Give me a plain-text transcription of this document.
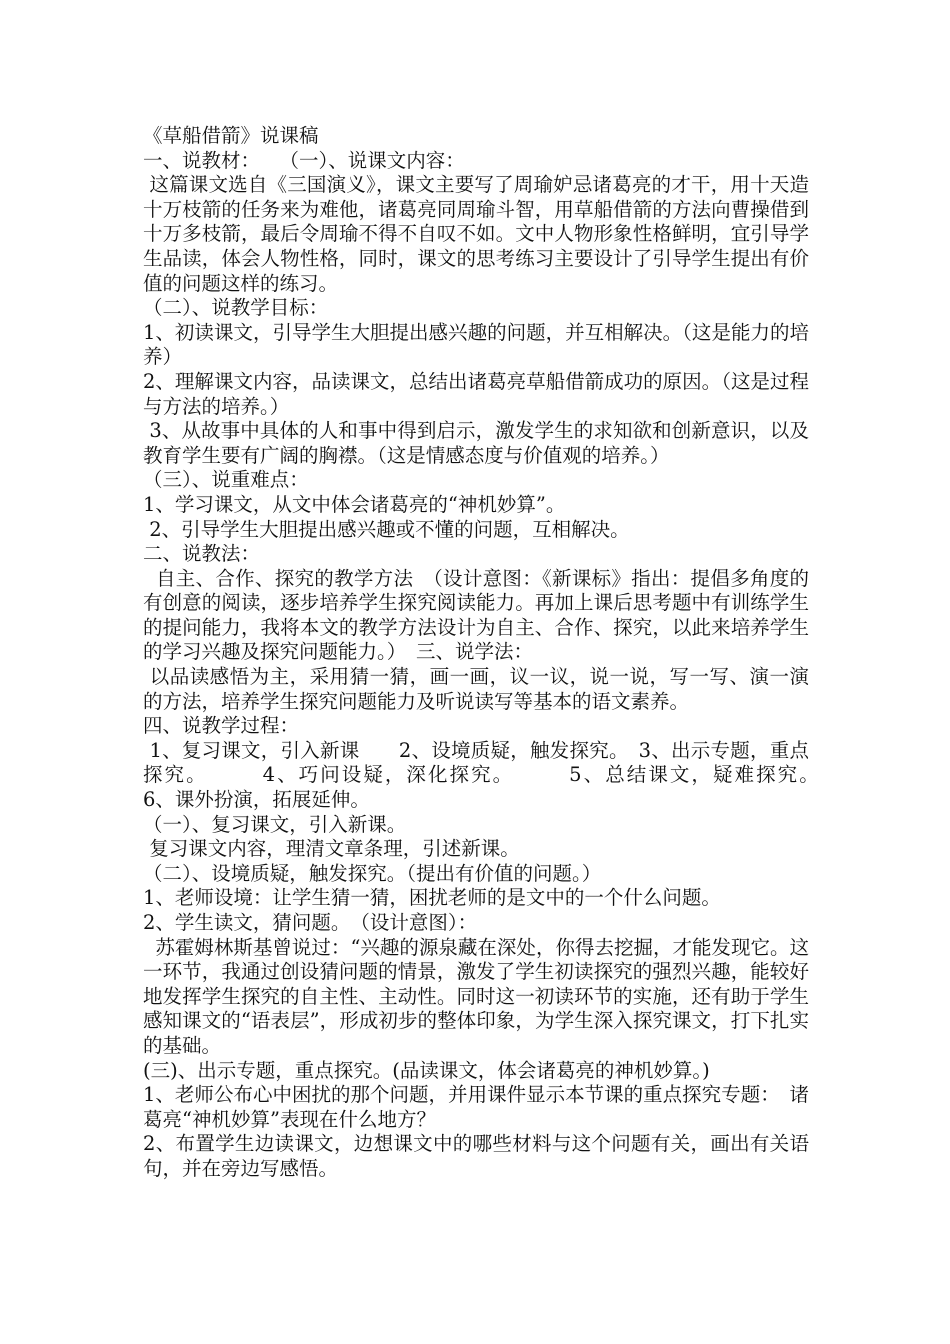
《草船借箭》说课稿

一、说教材：　　（一）、说课文内容：

这篇课文选自《三国演义》，课文主要写了周瑜妒忌诸葛亮的才干，用十天造十万枝箭的任务来为难他，诸葛亮同周瑜斗智，用草船借箭的方法向曹操借到十万多枝箭，最后令周瑜不得不自叹不如。文中人物形象性格鲜明，宜引导学生品读，体会人物性格，同时，课文的思考练习主要设计了引导学生提出有价值的问题这样的练习。

（二）、说教学目标：

1、初读课文，引导学生大胆提出感兴趣的问题，并互相解决。（这是能力的培养）

2、理解课文内容，品读课文，总结出诸葛亮草船借箭成功的原因。（这是过程与方法的培养。）

3、从故事中具体的人和事中得到启示，激发学生的求知欲和创新意识，以及教育学生要有广阔的胸襟。（这是情感态度与价值观的培养。）

（三）、说重难点：

1、学习课文，从文中体会诸葛亮的“神机妙算”。

2、引导学生大胆提出感兴趣或不懂的问题，互相解决。

二、说教法：

自主、合作、探究的教学方法　（设计意图：《新课标》指出：提倡多角度的有创意的阅读，逐步培养学生探究阅读能力。再加上课后思考题中有训练学生的提问能力，我将本文的教学方法设计为自主、合作、探究，以此来培养学生的学习兴趣及探究问题能力。）　三、说学法：

以品读感悟为主，采用猜一猜，画一画，议一议，说一说，写一写、演一演的方法，培养学生探究问题能力及听说读写等基本的语文素养。

四、说教学过程：

1、复习课文，引入新课　　2、设境质疑，触发探究。　3、出示专题，重点探究。　　　4、巧问设疑，深化探究。　　　5、总结课文，疑难探究。　　　6、课外扮演，拓展延伸。

（一）、复习课文，引入新课。

复习课文内容，理清文章条理，引述新课。

（二）、设境质疑，触发探究。（提出有价值的问题。）

1、老师设境：让学生猜一猜，困扰老师的是文中的一个什么问题。

2、学生读文，猜问题。　（设计意图）：

苏霍姆林斯基曾说过：“兴趣的源泉藏在深处，你得去挖掘，才能发现它。这一环节，我通过创设猜问题的情景，激发了学生初读探究的强烈兴趣，能较好地发挥学生探究的自主性、主动性。同时这一初读环节的实施，还有助于学生感知课文的“语表层”，形成初步的整体印象，为学生深入探究课文，打下扎实的基础。

(三)、出示专题，重点探究。(品读课文，体会诸葛亮的神机妙算。)

1、老师公布心中困扰的那个问题，并用课件显示本节课的重点探究专题：　诸葛亮“神机妙算”表现在什么地方？

2、布置学生边读课文，边想课文中的哪些材料与这个问题有关，画出有关语句，并在旁边写感悟。
